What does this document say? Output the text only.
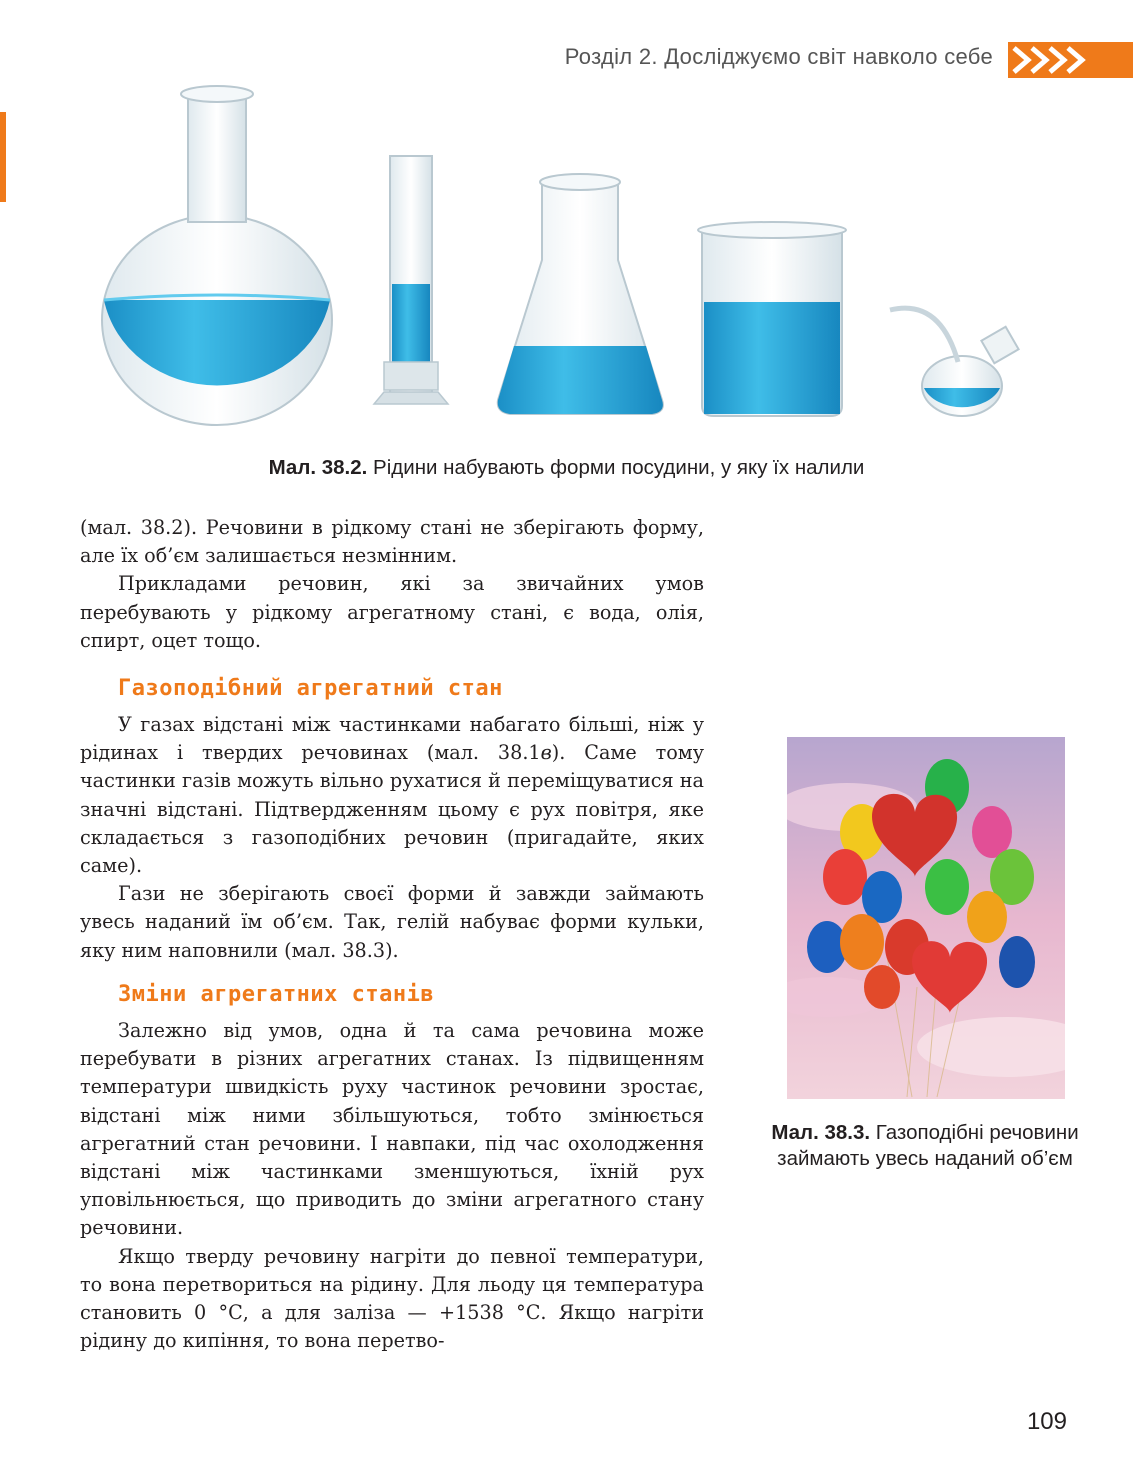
Розділ 2. Досліджуємо світ навколо себе
Мал. 38.2. Рідини набувають форми посудини, у яку їх налили

(мал. 38.2). Речовини в рідкому стані не зберігають форму, але їх об’єм залишається незмінним.

Прикладами речовин, які за звичайних умов перебувають у рідкому агрегатному стані, є вода, олія, спирт, оцет тощо.

Газоподібний агрегатний стан

У газах відстані між частинками набагато більші, ніж у рідинах і твердих речовинах (мал. 38.1в). Саме тому частинки газів можуть вільно рухатися й переміщуватися на значні відстані. Підтвердженням цьому є рух повітря, яке складається з газоподібних речовин (пригадайте, яких саме).

Гази не зберігають своєї форми й завжди займають увесь наданий їм об’єм. Так, гелій набуває форми кульки, яку ним наповнили (мал. 38.3).

Зміни агрегатних станів

Залежно від умов, одна й та сама речовина може перебувати в різних агрегатних станах. Із підвищенням температури швидкість руху частинок речовини зростає, відстані між ними збільшуються, тобто змінюється агрегатний стан речовини. І навпаки, під час охолодження відстані між частинками зменшуються, їхній рух уповільнюється, що приводить до зміни агрегатного стану речовини.

Якщо тверду речовину нагріти до певної температури, то вона перетвориться на рідину. Для льоду ця температура становить 0 °С, а для заліза — +1538 °С. Якщо нагріти рідину до кипіння, то вона перетво-

Мал. 38.3. Газоподібні речовини займають увесь наданий об’єм
109
